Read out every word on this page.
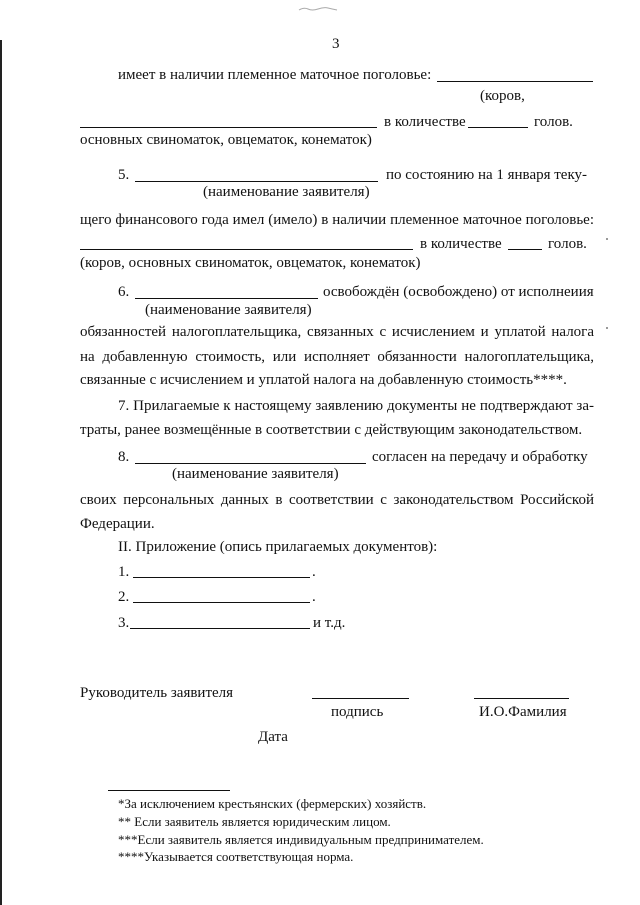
3
имеет в наличии племенное маточное поголовье:
(коров,
в количестве	голов.
основных свиноматок, овцематок, конематок)
5.	по состоянию на 1 января теку-
(наименование заявителя)
щего финансового года имел (имело) в наличии племенное маточное поголовье:
в количестве	голов.
(коров, основных свиноматок, овцематок, конематок)
6.	освобождён (освобождено) от исполнеиия
(наименование заявителя)
обязанностей налогоплательщика, связанных с исчислением и уплатой налога
на добавленную стоимость, или исполняет обязанности налогоплательщика,
связанные с исчислением и уплатой налога на добавленную стоимость****.
7. Прилагаемые к настоящему заявлению документы не подтверждают за-
траты, ранее возмещённые в соответствии с действующим законодательством.
8.	согласен на передачу и обработку
(наименование заявителя)
своих персональных данных в соответствии с законодательством Российской
Федерации.
II. Приложение (опись прилагаемых документов):
1.	.
2.	.
3.	и т.д.
Руководитель заявителя
подпись	И.О.Фамилия
Дата
*За исключением крестьянских (фермерских) хозяйств.
** Если заявитель является юридическим лицом.
***Если заявитель является индивидуальным предпринимателем.
****Указывается соответствующая норма.
